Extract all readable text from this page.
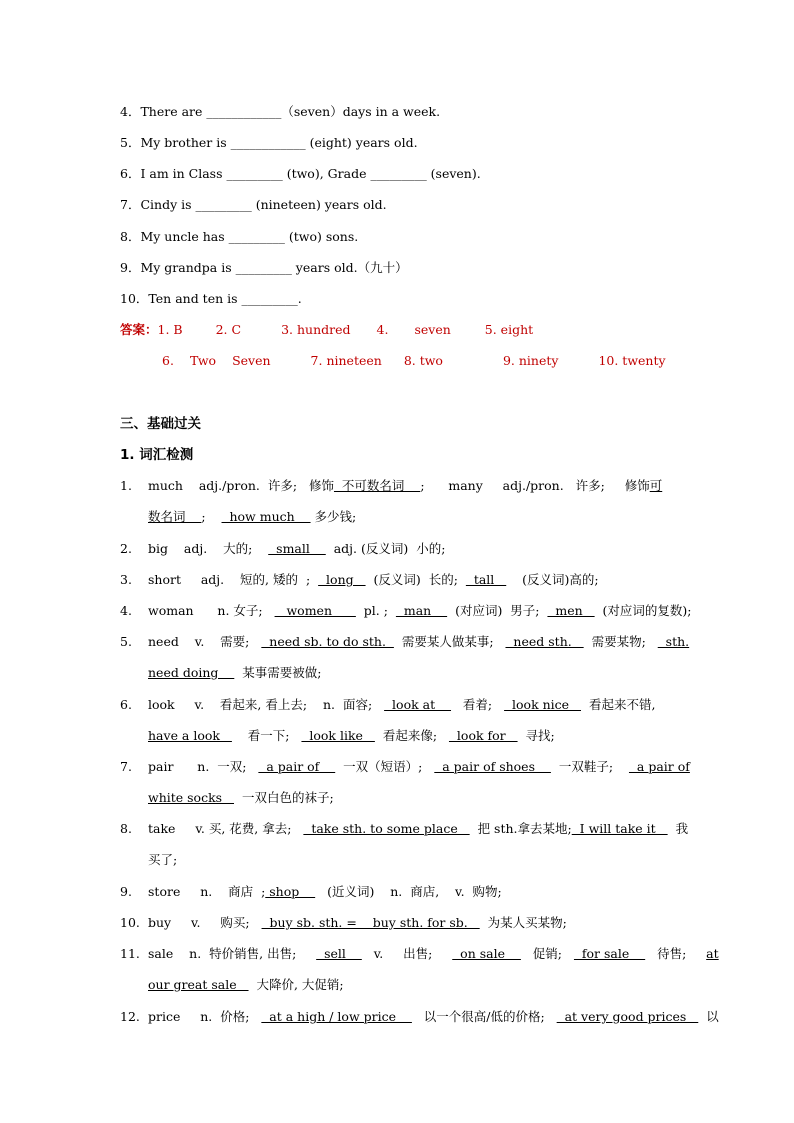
4．There are ____________（seven）days in a week.
5．My brother is ____________ (eight) years old.
6．I am in Class _________ (two), Grade _________ (seven).
7．Cindy is _________ (nineteen) years old.
8．My uncle has _________ (two) sons.
9．My grandpa is _________ years old.（九十）
10．Ten and ten is _________.
答案：1. B	2. C	3. hundred 4. seven	5. eight
6. Two Seven	7. nineteen 8. two	9. ninety	10. twenty
三、基础过关
1. 词汇检测
1. much    adj./pron.  许多;   修饰  不可数名词    ;      many     adj./pron.   许多;     修饰可
数名词    ;      how much     多少钱;
2. big    adj.    大的;      small      adj. (反义词)  小的;
3. short     adj.    短的, 矮的  ;    long     (反义词)  长的;    tall       (反义词)高的;
4. woman      n. 女子;      women        pl. ;    man      (对应词)  男子;    men     (对应词的复数);
5. need    v.    需要;     need sb. to do sth.    需要某人做某事;     need sth.     需要某物;     sth.
need doing      某事需要被做;
6. look     v.    看起来, 看上去;    n.  面容;     look at       看着;     look nice     看起来不错,
have a look       看一下;     look like     看起来像;     look for     寻找;
7. pair      n.  一双;     a pair of      一双（短语）;     a pair of shoes      一双鞋子;      a pair of
white socks     一双白色的袜子;
8. take     v. 买, 花费, 拿去;     take sth. to some place     把 sth.拿去某地;  I will take it     我
买了;
9. store     n.    商店  ; shop       (近义词)    n.  商店,    v.  购物;
10. buy     v.     购买;     buy sb. sth. =    buy sth. for sb.     为某人买某物;
11. sale    n.  特价销售, 出售;       sell       v.     出售;       on sale       促销;     for sale       待售;     at
our great sale     大降价, 大促销;
12. price     n.  价格;     at a high / low price       以一个很高/低的价格;     at very good prices     以
